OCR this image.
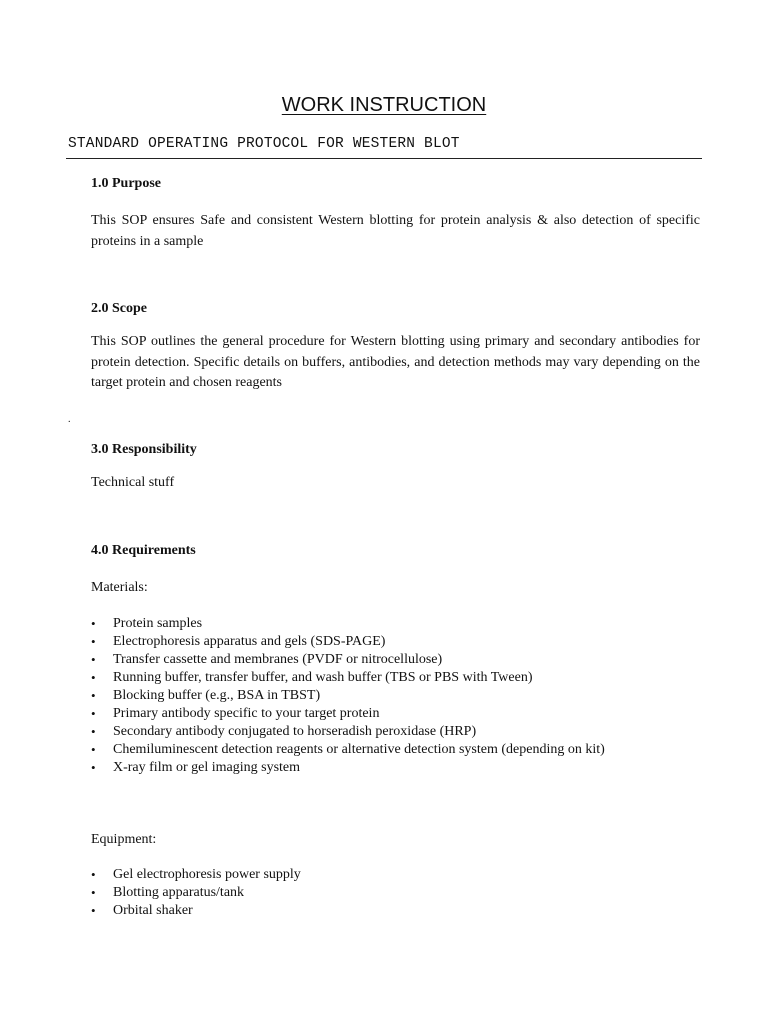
WORK INSTRUCTION
STANDARD OPERATING PROTOCOL FOR WESTERN BLOT
1.0 Purpose
This SOP ensures Safe and consistent Western blotting for protein analysis & also detection of specific proteins in a sample
2.0 Scope
This SOP outlines the general procedure for Western blotting using primary and secondary antibodies for protein detection. Specific details on buffers, antibodies, and detection methods may vary depending on the target protein and chosen reagents
.
3.0 Responsibility
Technical stuff
4.0 Requirements
Materials:
• Protein samples
• Electrophoresis apparatus and gels (SDS-PAGE)
• Transfer cassette and membranes (PVDF or nitrocellulose)
• Running buffer, transfer buffer, and wash buffer (TBS or PBS with Tween)
• Blocking buffer (e.g., BSA in TBST)
• Primary antibody specific to your target protein
• Secondary antibody conjugated to horseradish peroxidase (HRP)
• Chemiluminescent detection reagents or alternative detection system (depending on kit)
• X-ray film or gel imaging system
Equipment:
• Gel electrophoresis power supply
• Blotting apparatus/tank
• Orbital shaker
